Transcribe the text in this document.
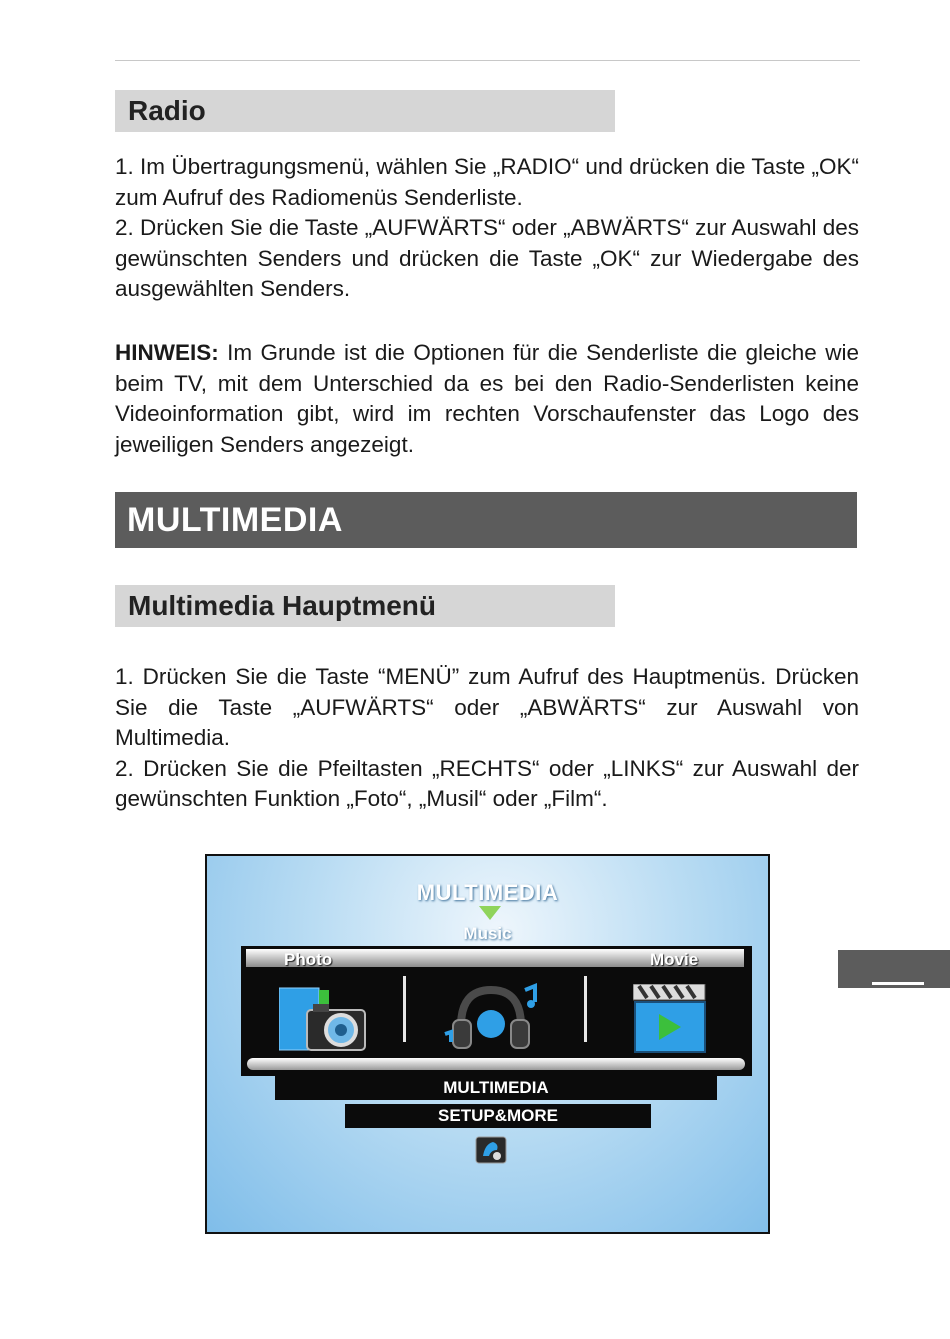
Radio

1. Im Übertragungsmenü, wählen Sie „RADIO“ und drücken die Taste „OK“ zum Aufruf des Radiomenüs Senderliste.
2. Drücken Sie die Taste „AUFWÄRTS“ oder „ABWÄRTS“ zur Auswahl des gewünschten Senders und drücken die Taste „OK“ zur Wiedergabe des ausgewählten Senders.

HINWEIS: Im Grunde ist die Optionen für die Senderliste die gleiche wie beim TV, mit dem Unterschied da es bei den Radio-Senderlisten keine Videoinformation gibt, wird im rechten Vorschaufenster das Logo des jeweiligen Senders angezeigt.

MULTIMEDIA
Multimedia Hauptmenü

1. Drücken Sie die Taste “MENÜ” zum Aufruf des Hauptmenüs. Drücken Sie die Taste „AUFWÄRTS“ oder „ABWÄRTS“ zur Auswahl von Multimedia.
2. Drücken Sie die Pfeiltasten „RECHTS“ oder „LINKS“ zur Auswahl der gewünschten Funktion „Foto“, „Musil“ oder „Film“.

MULTIMEDIA
Music
Photo	Movie
MULTIMEDIA
SETUP&MORE
